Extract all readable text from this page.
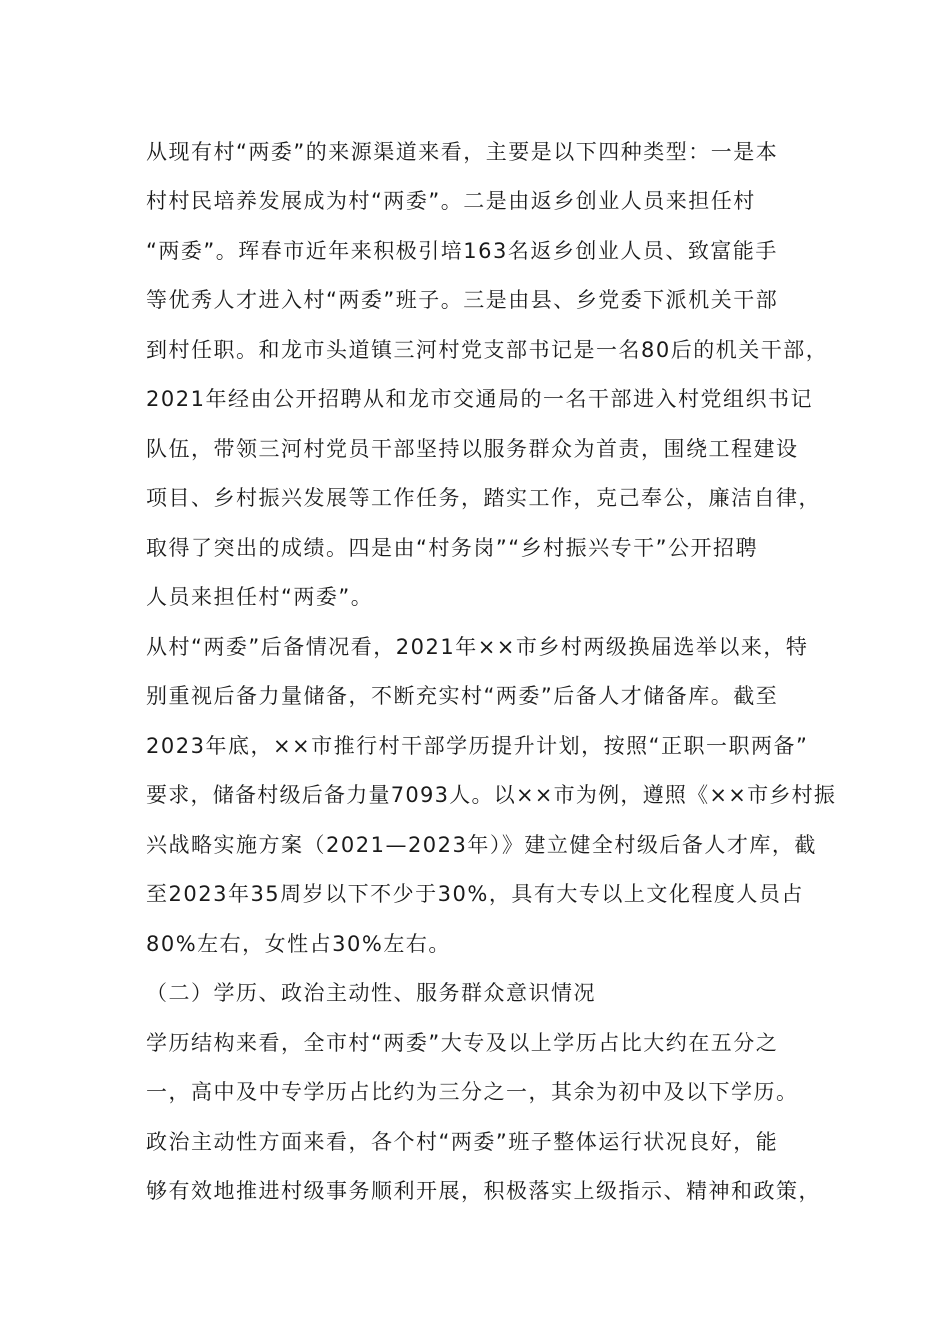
从现有村“两委”的来源渠道来看，主要是以下四种类型：一是本
村村民培养发展成为村“两委”。二是由返乡创业人员来担任村
“两委”。珲春市近年来积极引培163名返乡创业人员、致富能手
等优秀人才进入村“两委”班子。三是由县、乡党委下派机关干部
到村任职。和龙市头道镇三河村党支部书记是一名80后的机关干部，
2021年经由公开招聘从和龙市交通局的一名干部进入村党组织书记
队伍，带领三河村党员干部坚持以服务群众为首责，围绕工程建设
项目、乡村振兴发展等工作任务，踏实工作，克己奉公，廉洁自律，
取得了突出的成绩。四是由“村务岗”“乡村振兴专干”公开招聘
人员来担任村“两委”。
从村“两委”后备情况看，2021年××市乡村两级换届选举以来，特
别重视后备力量储备，不断充实村“两委”后备人才储备库。截至
2023年底，××市推行村干部学历提升计划，按照“正职一职两备”
要求，储备村级后备力量7093人。以××市为例，遵照《××市乡村振
兴战略实施方案（2021—2023年）》建立健全村级后备人才库，截
至2023年35周岁以下不少于30%，具有大专以上文化程度人员占
80%左右，女性占30%左右。
（二）学历、政治主动性、服务群众意识情况
学历结构来看，全市村“两委”大专及以上学历占比大约在五分之
一，高中及中专学历占比约为三分之一，其余为初中及以下学历。
政治主动性方面来看，各个村“两委”班子整体运行状况良好，能
够有效地推进村级事务顺利开展，积极落实上级指示、精神和政策，
